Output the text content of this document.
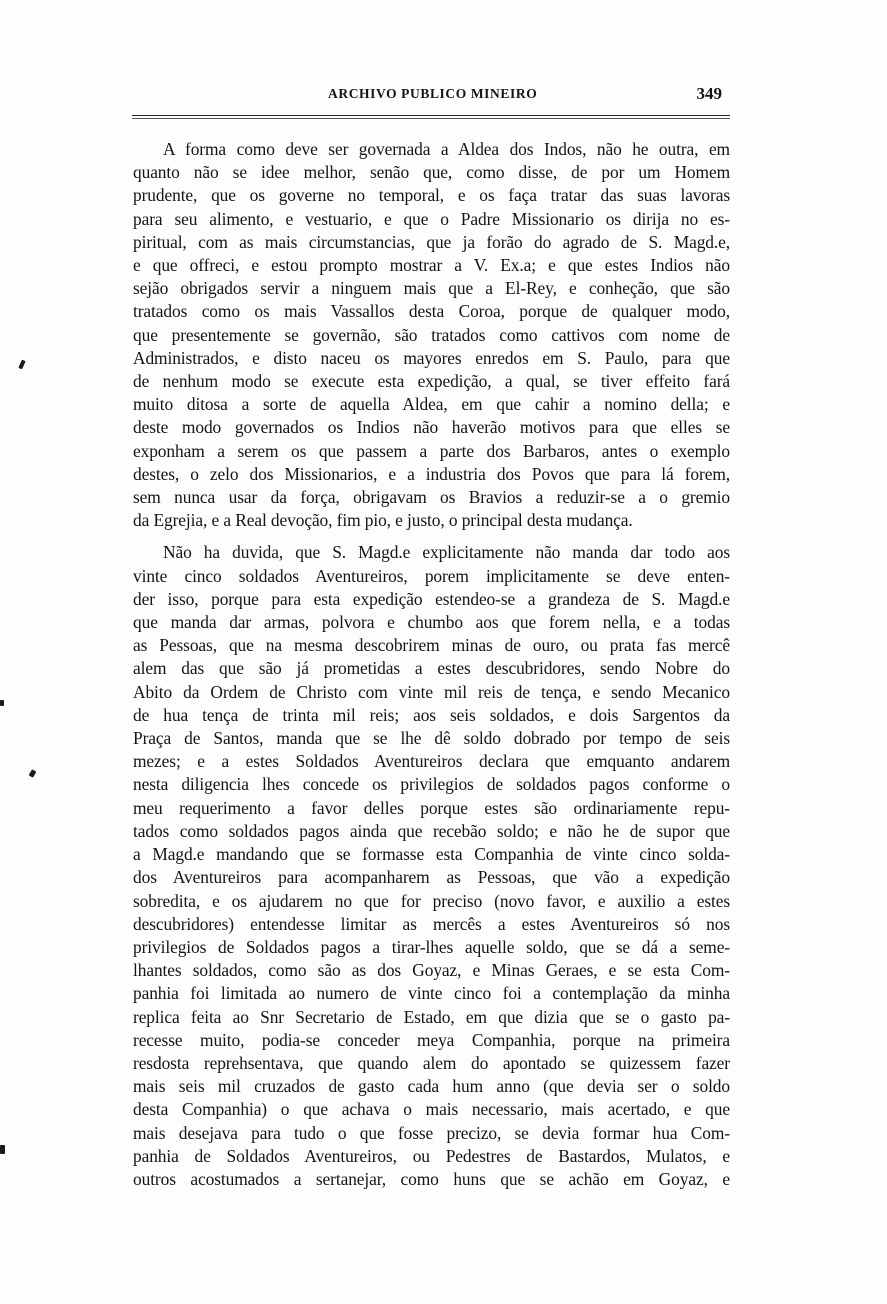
ARCHIVO PUBLICO MINEIRO	349

A forma como deve ser governada a Aldea dos Indos, não he outra, em
quanto não se idee melhor, senão que, como disse, de por um Homem
prudente, que os governe no temporal, e os faça tratar das suas lavoras
para seu alimento, e vestuario, e que o Padre Missionario os dirija no es-
piritual, com as mais circumstancias, que ja forão do agrado de S. Magd.e,
e que offreci, e estou prompto mostrar a V. Ex.a; e que estes Indios não
sejão obrigados servir a ninguem mais que a El-Rey, e conheção, que são
tratados como os mais Vassallos desta Coroa, porque de qualquer modo,
que presentemente se governão, são tratados como cattivos com nome de
Administrados, e disto naceu os mayores enredos em S. Paulo, para que
de nenhum modo se execute esta expedição, a qual, se tiver effeito fará
muito ditosa a sorte de aquella Aldea, em que cahir a nomino della; e
deste modo governados os Indios não haverão motivos para que elles se
exponham a serem os que passem a parte dos Barbaros, antes o exemplo
destes, o zelo dos Missionarios, e a industria dos Povos que para lá forem,
sem nunca usar da força, obrigavam os Bravios a reduzir-se a o gremio
da Egrejia, e a Real devoção, fim pio, e justo, o principal desta mudança.

Não ha duvida, que S. Magd.e explicitamente não manda dar todo aos
vinte cinco soldados Aventureiros, porem implicitamente se deve enten-
der isso, porque para esta expedição estendeo-se a grandeza de S. Magd.e
que manda dar armas, polvora e chumbo aos que forem nella, e a todas
as Pessoas, que na mesma descobrirem minas de ouro, ou prata fas mercê
alem das que são já prometidas a estes descubridores, sendo Nobre do
Abito da Ordem de Christo com vinte mil reis de tença, e sendo Mecanico
de hua tença de trinta mil reis; aos seis soldados, e dois Sargentos da
Praça de Santos, manda que se lhe dê soldo dobrado por tempo de seis
mezes; e a estes Soldados Aventureiros declara que emquanto andarem
nesta diligencia lhes concede os privilegios de soldados pagos conforme o
meu requerimento a favor delles porque estes são ordinariamente repu-
tados como soldados pagos ainda que recebão soldo; e não he de supor que
a Magd.e mandando que se formasse esta Companhia de vinte cinco solda-
dos Aventureiros para acompanharem as Pessoas, que vão a expedição
sobredita, e os ajudarem no que for preciso (novo favor, e auxilio a estes
descubridores) entendesse limitar as mercês a estes Aventureiros só nos
privilegios de Soldados pagos a tirar-lhes aquelle soldo, que se dá a seme-
lhantes soldados, como são as dos Goyaz, e Minas Geraes, e se esta Com-
panhia foi limitada ao numero de vinte cinco foi a contemplação da minha
replica feita ao Snr Secretario de Estado, em que dizia que se o gasto pa-
recesse muito, podia-se conceder meya Companhia, porque na primeira
resdosta reprehsentava, que quando alem do apontado se quizessem fazer
mais seis mil cruzados de gasto cada hum anno (que devia ser o soldo
desta Companhia) o que achava o mais necessario, mais acertado, e que
mais desejava para tudo o que fosse precizo, se devia formar hua Com-
panhia de Soldados Aventureiros, ou Pedestres de Bastardos, Mulatos, e
outros acostumados a sertanejar, como huns que se achão em Goyaz, e
